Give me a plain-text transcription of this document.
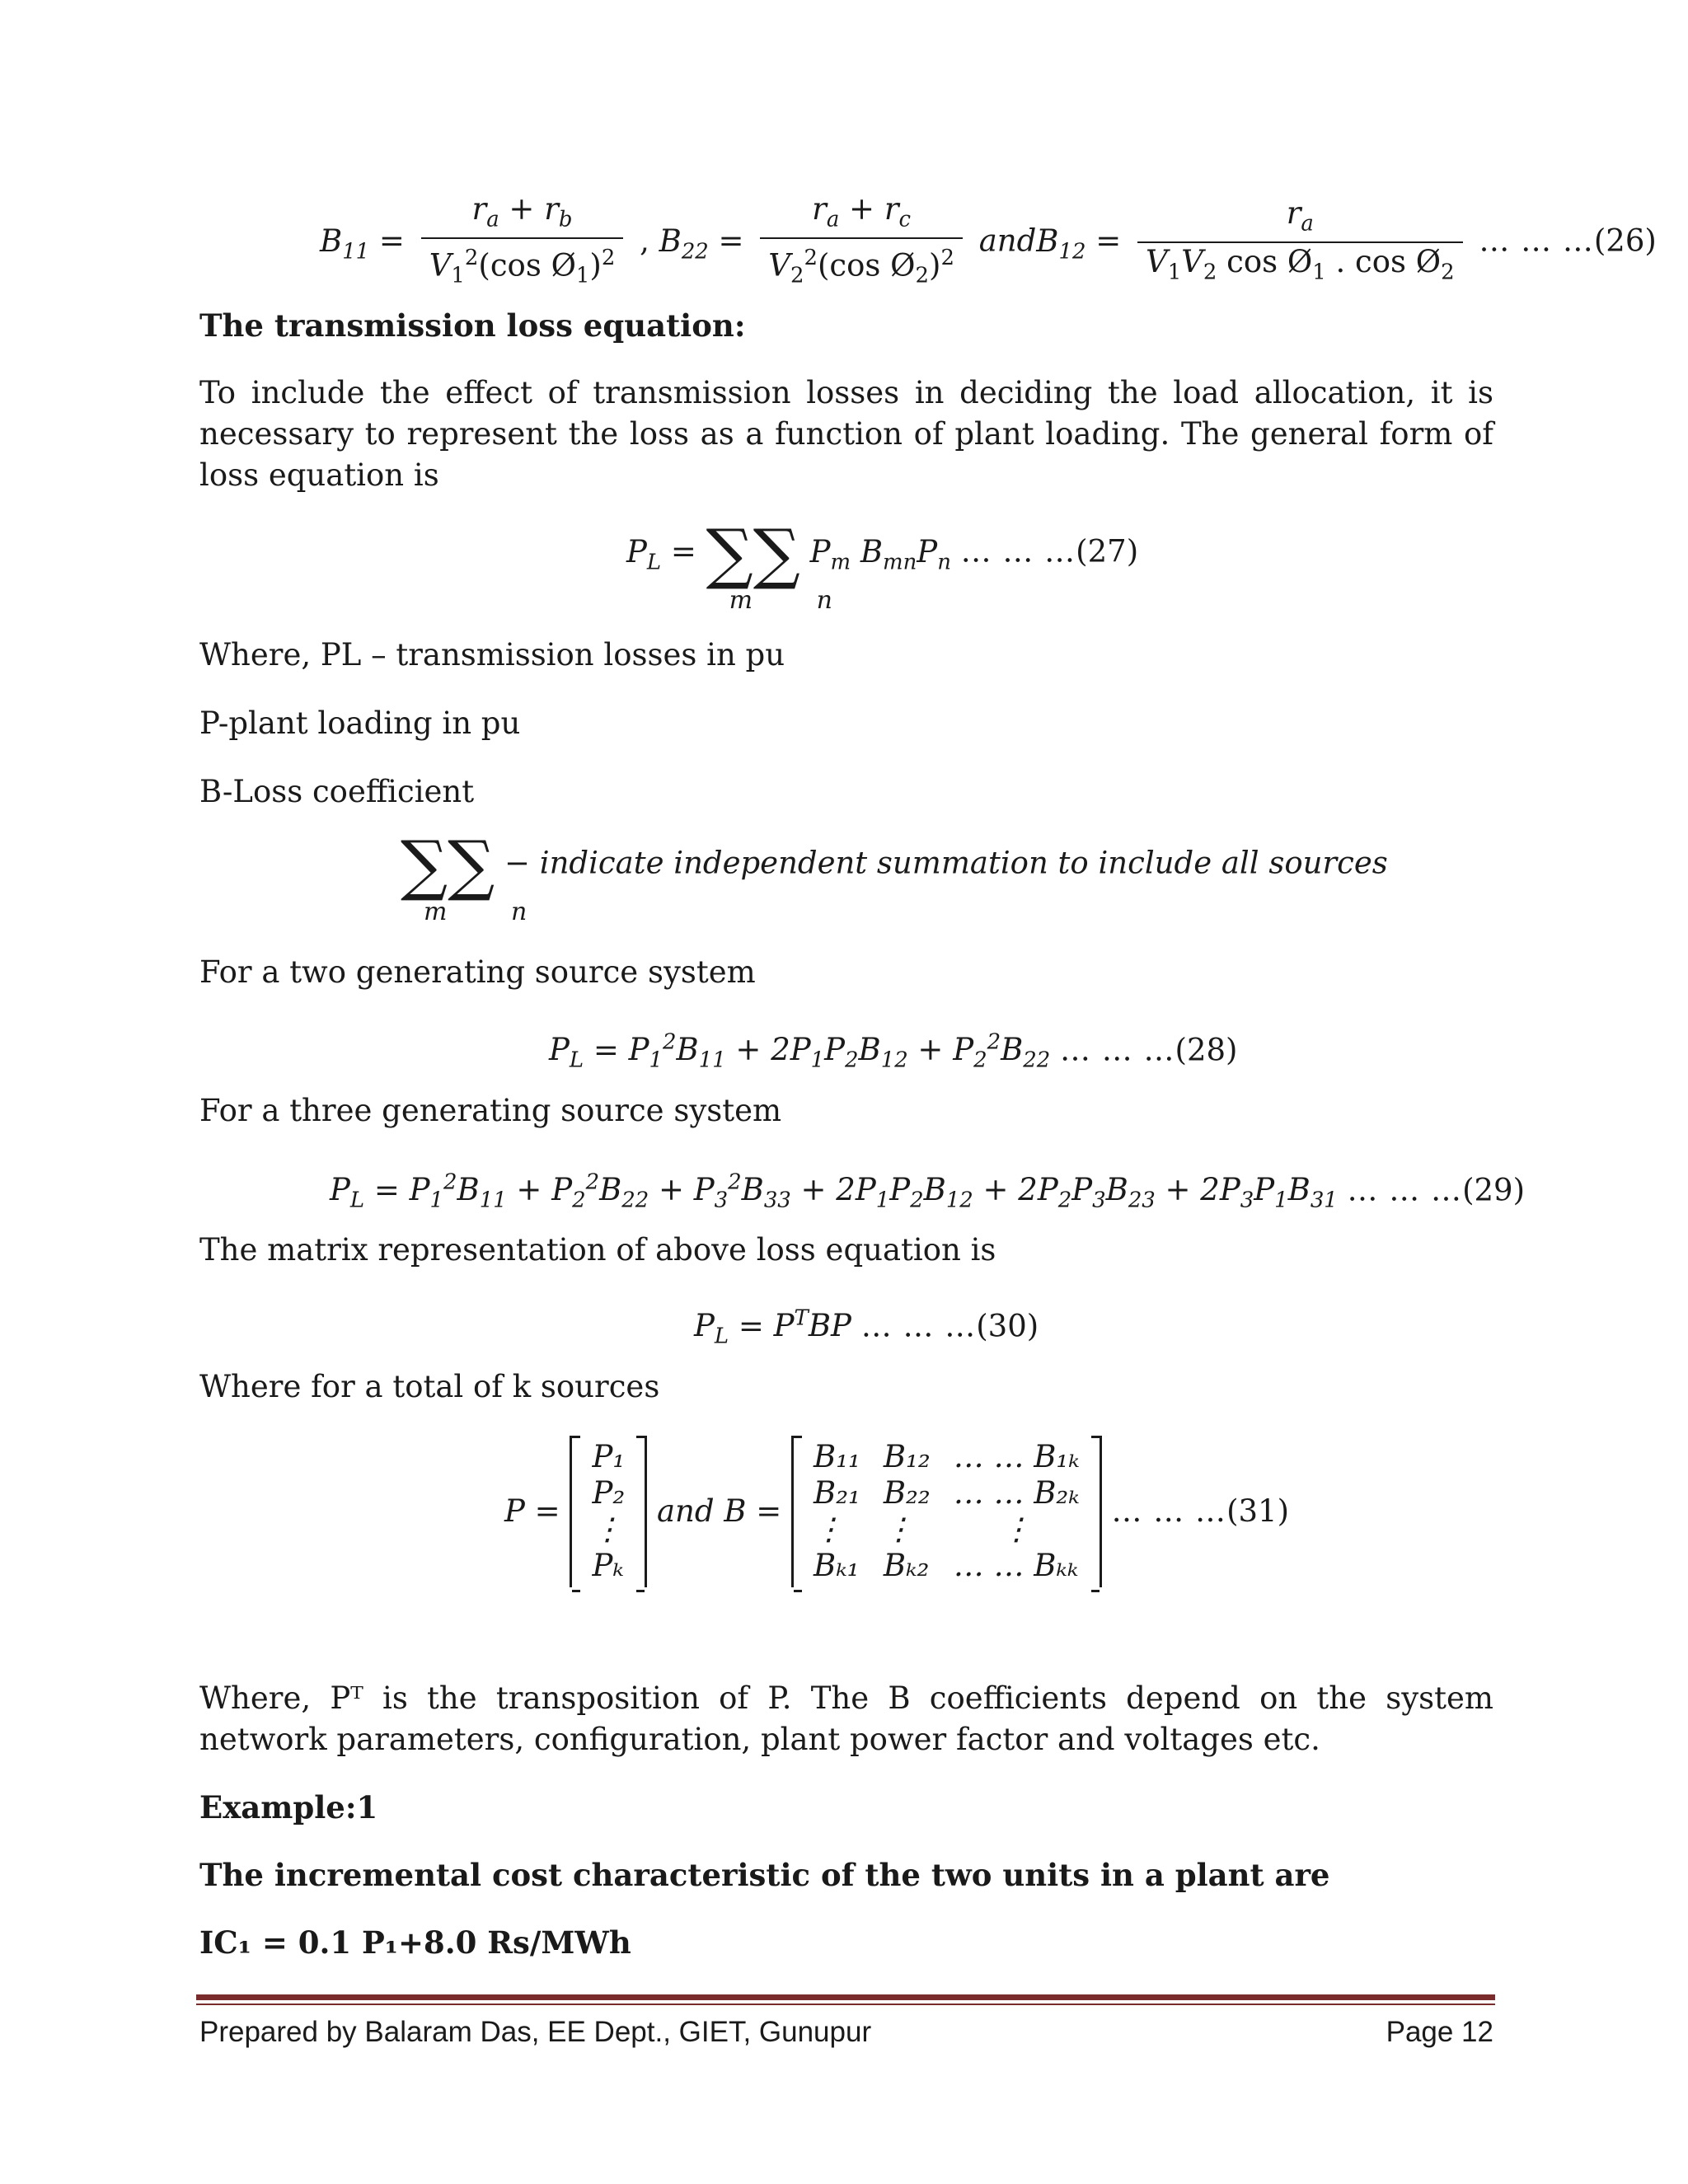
$B_{11} = \frac{r_a + r_b}{V_1^2(\cos Ø_1)^2}$ , $B_{22} = \frac{r_a + r_c}{V_2^2(\cos Ø_2)^2}$ andB$_{12}$ = $\frac{r_a}{V_1V_2 \cos Ø_1 . \cos Ø_2}$ … … …(26)
The transmission loss equation:
To include the effect of transmission losses in deciding the load allocation, it is necessary to represent the loss as a function of plant loading. The general form of loss equation is
$P_L$ = ∑∑
m n
$P_m$ $B_{mn}P_n$ … … …(27)
Where, PL – transmission losses in pu
P-plant loading in pu
B-Loss coefficient
∑∑
m n
− indicate independent summation to include all sources
For a two generating source system
$P_L = P_1^2B_{11} + 2P_1P_2B_{12} + P_2^2B_{22}$ … … …(28)
For a three generating source system
$P_L = P_1^2B_{11} + P_2^2B_{22} + P_3^2B_{33} + 2P_1P_2B_{12} + 2P_2P_3B_{23} + 2P_3P_1B_{31}$ … … …(29)
The matrix representation of above loss equation is
$P_L = P^TBP$ … … …(30)
Where for a total of k sources
P =
P₁
P₂
⋮
Pₖ
and B =
B₁₁	B₁₂	… … B₁ₖ
B₂₁	B₂₂	… … B₂ₖ
⋮	⋮	⋮
Bₖ₁	Bₖ₂	… … Bₖₖ
… … …(31)
Where, Pᵀ is the transposition of P. The B coefficients depend on the system network parameters, configuration, plant power factor and voltages etc.
Example:1
The incremental cost characteristic of the two units in a plant are
IC₁ = 0.1 P₁+8.0 Rs/MWh
Prepared by Balaram Das, EE Dept., GIET, Gunupur	Page 12
